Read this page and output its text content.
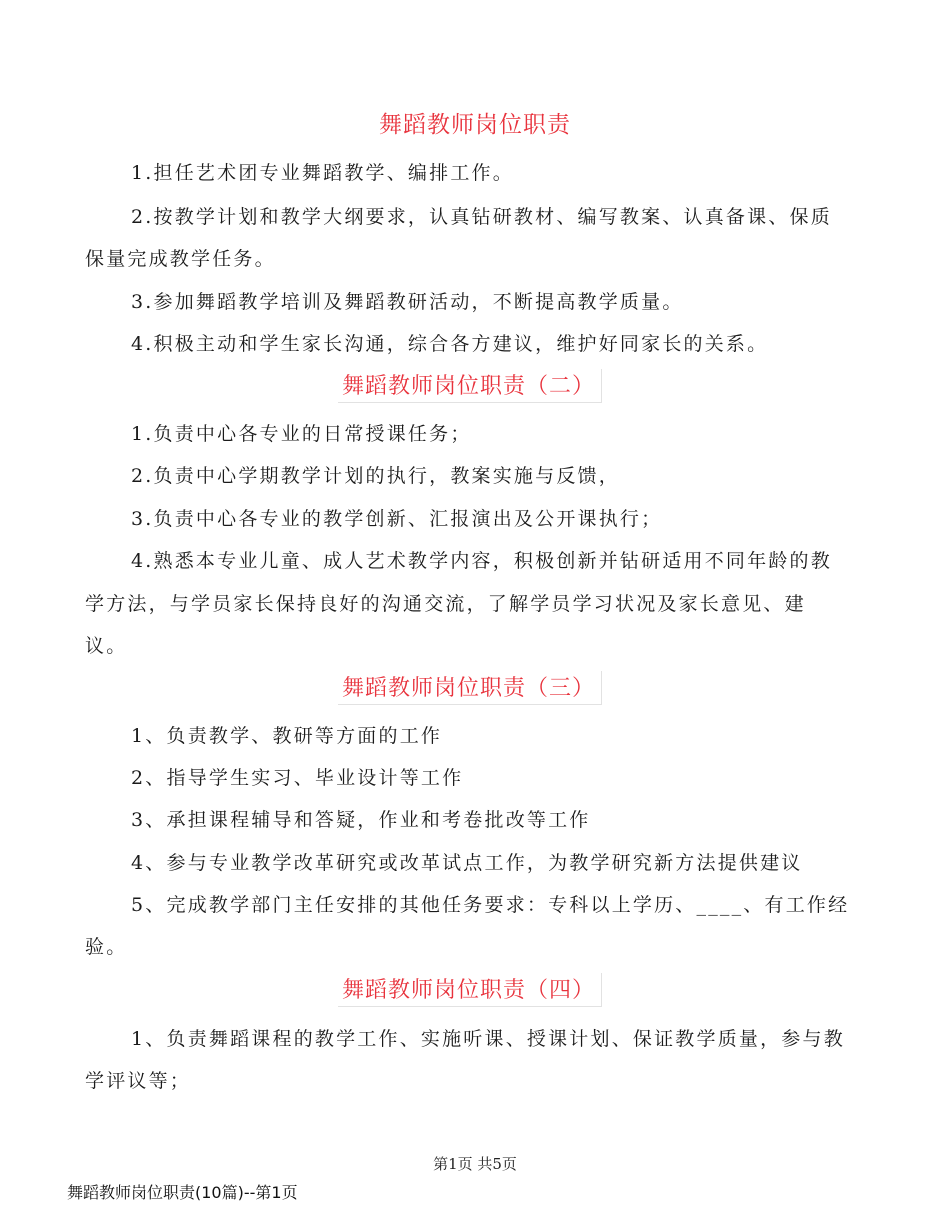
舞蹈教师岗位职责
1.担任艺术团专业舞蹈教学、编排工作。
2.按教学计划和教学大纲要求，认真钻研教材、编写教案、认真备课、保质
保量完成教学任务。
3.参加舞蹈教学培训及舞蹈教研活动，不断提高教学质量。
4.积极主动和学生家长沟通，综合各方建议，维护好同家长的关系。
舞蹈教师岗位职责（二）
1.负责中心各专业的日常授课任务；
2.负责中心学期教学计划的执行，教案实施与反馈，
3.负责中心各专业的教学创新、汇报演出及公开课执行；
4.熟悉本专业儿童、成人艺术教学内容，积极创新并钻研适用不同年龄的教
学方法，与学员家长保持良好的沟通交流，了解学员学习状况及家长意见、建
议。
舞蹈教师岗位职责（三）
1、负责教学、教研等方面的工作
2、指导学生实习、毕业设计等工作
3、承担课程辅导和答疑，作业和考卷批改等工作
4、参与专业教学改革研究或改革试点工作，为教学研究新方法提供建议
5、完成教学部门主任安排的其他任务要求：专科以上学历、____、有工作经
验。
舞蹈教师岗位职责（四）
1、负责舞蹈课程的教学工作、实施听课、授课计划、保证教学质量，参与教
学评议等；
第1页 共5页
舞蹈教师岗位职责(10篇)--第1页
